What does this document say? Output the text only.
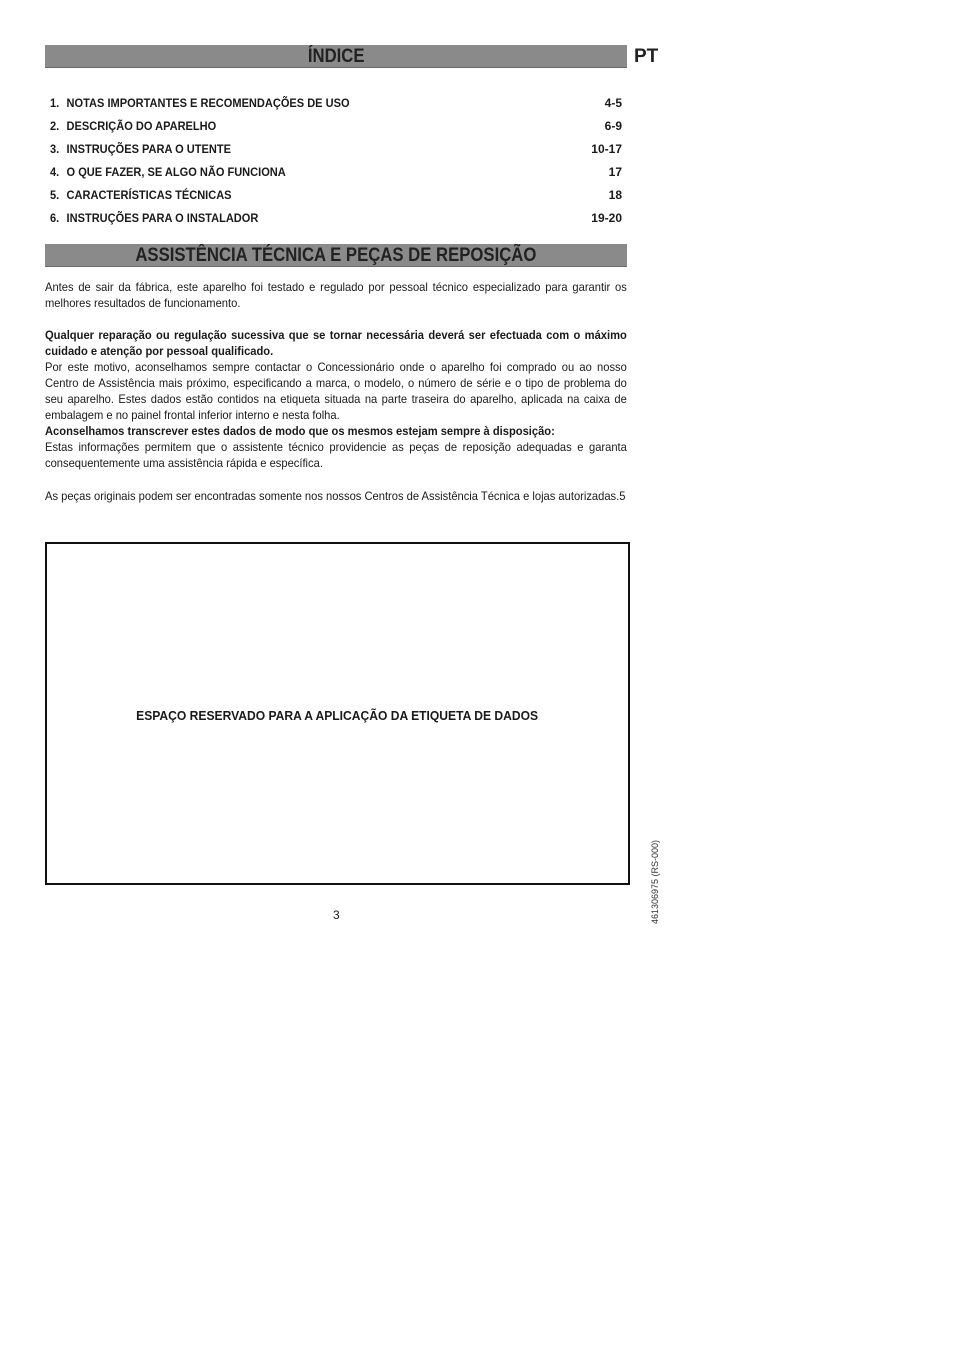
ÍNDICE	PT
1. NOTAS IMPORTANTES E RECOMENDAÇÕES DE USO	4-5
2. DESCRIÇÃO DO APARELHO	6-9
3. INSTRUÇÕES PARA O UTENTE	10-17
4. O QUE FAZER, SE ALGO NÃO FUNCIONA	17
5. CARACTERÍSTICAS TÉCNICAS	18
6. INSTRUÇÕES PARA O INSTALADOR	19-20
ASSISTÊNCIA TÉCNICA E PEÇAS DE REPOSIÇÃO

Antes de sair da fábrica, este aparelho foi testado e regulado por pessoal técnico especializado para garantir os melhores resultados de funcionamento.

Qualquer reparação ou regulação sucessiva que se tornar necessária deverá ser efectuada com o máximo cuidado e atenção por pessoal qualificado.

Por este motivo, aconselhamos sempre contactar o Concessionário onde o aparelho foi comprado ou ao nosso Centro de Assistência mais próximo, especificando a marca, o modelo, o número de série e o tipo de problema do seu aparelho. Estes dados estão contidos na etiqueta situada na parte traseira do aparelho, aplicada na caixa de embalagem e no painel frontal inferior interno e nesta folha.

Aconselhamos transcrever estes dados de modo que os mesmos estejam sempre à disposição:

Estas informações permitem que o assistente técnico providencie as peças de reposição adequadas e garanta consequentemente uma assistência rápida e específica.

As peças originais podem ser encontradas somente nos nossos Centros de Assistência Técnica e lojas autorizadas.5

ESPAÇO RESERVADO PARA A APLICAÇÃO DA ETIQUETA DE DADOS
3	461306975 (RS-000)
